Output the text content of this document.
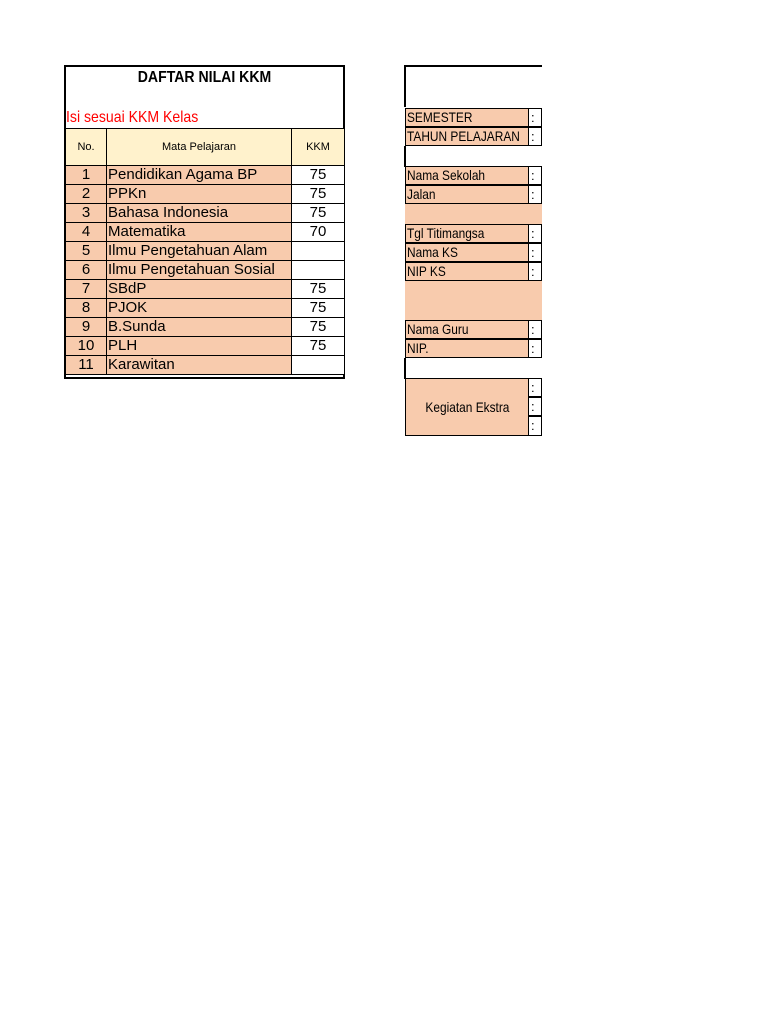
DAFTAR NILAI KKM
Isi sesuai KKM Kelas
No.	Mata Pelajaran	KKM
1	Pendidikan Agama BP	75
2	PPKn	75
3	Bahasa Indonesia	75
4	Matematika	70
5	Ilmu Pengetahuan Alam	
6	Ilmu Pengetahuan Sosial	
7	SBdP	75
8	PJOK	75
9	B.Sunda	75
10	PLH	75
11	Karawitan	
SEMESTER	:
TAHUN PELAJARAN :
Nama Sekolah	:
Jalan	:
Tgl Titimangsa	:
Nama KS	:
NIP KS	:
Nama Guru	:
NIP.	:
Kegiatan Ekstra
:
:
:
